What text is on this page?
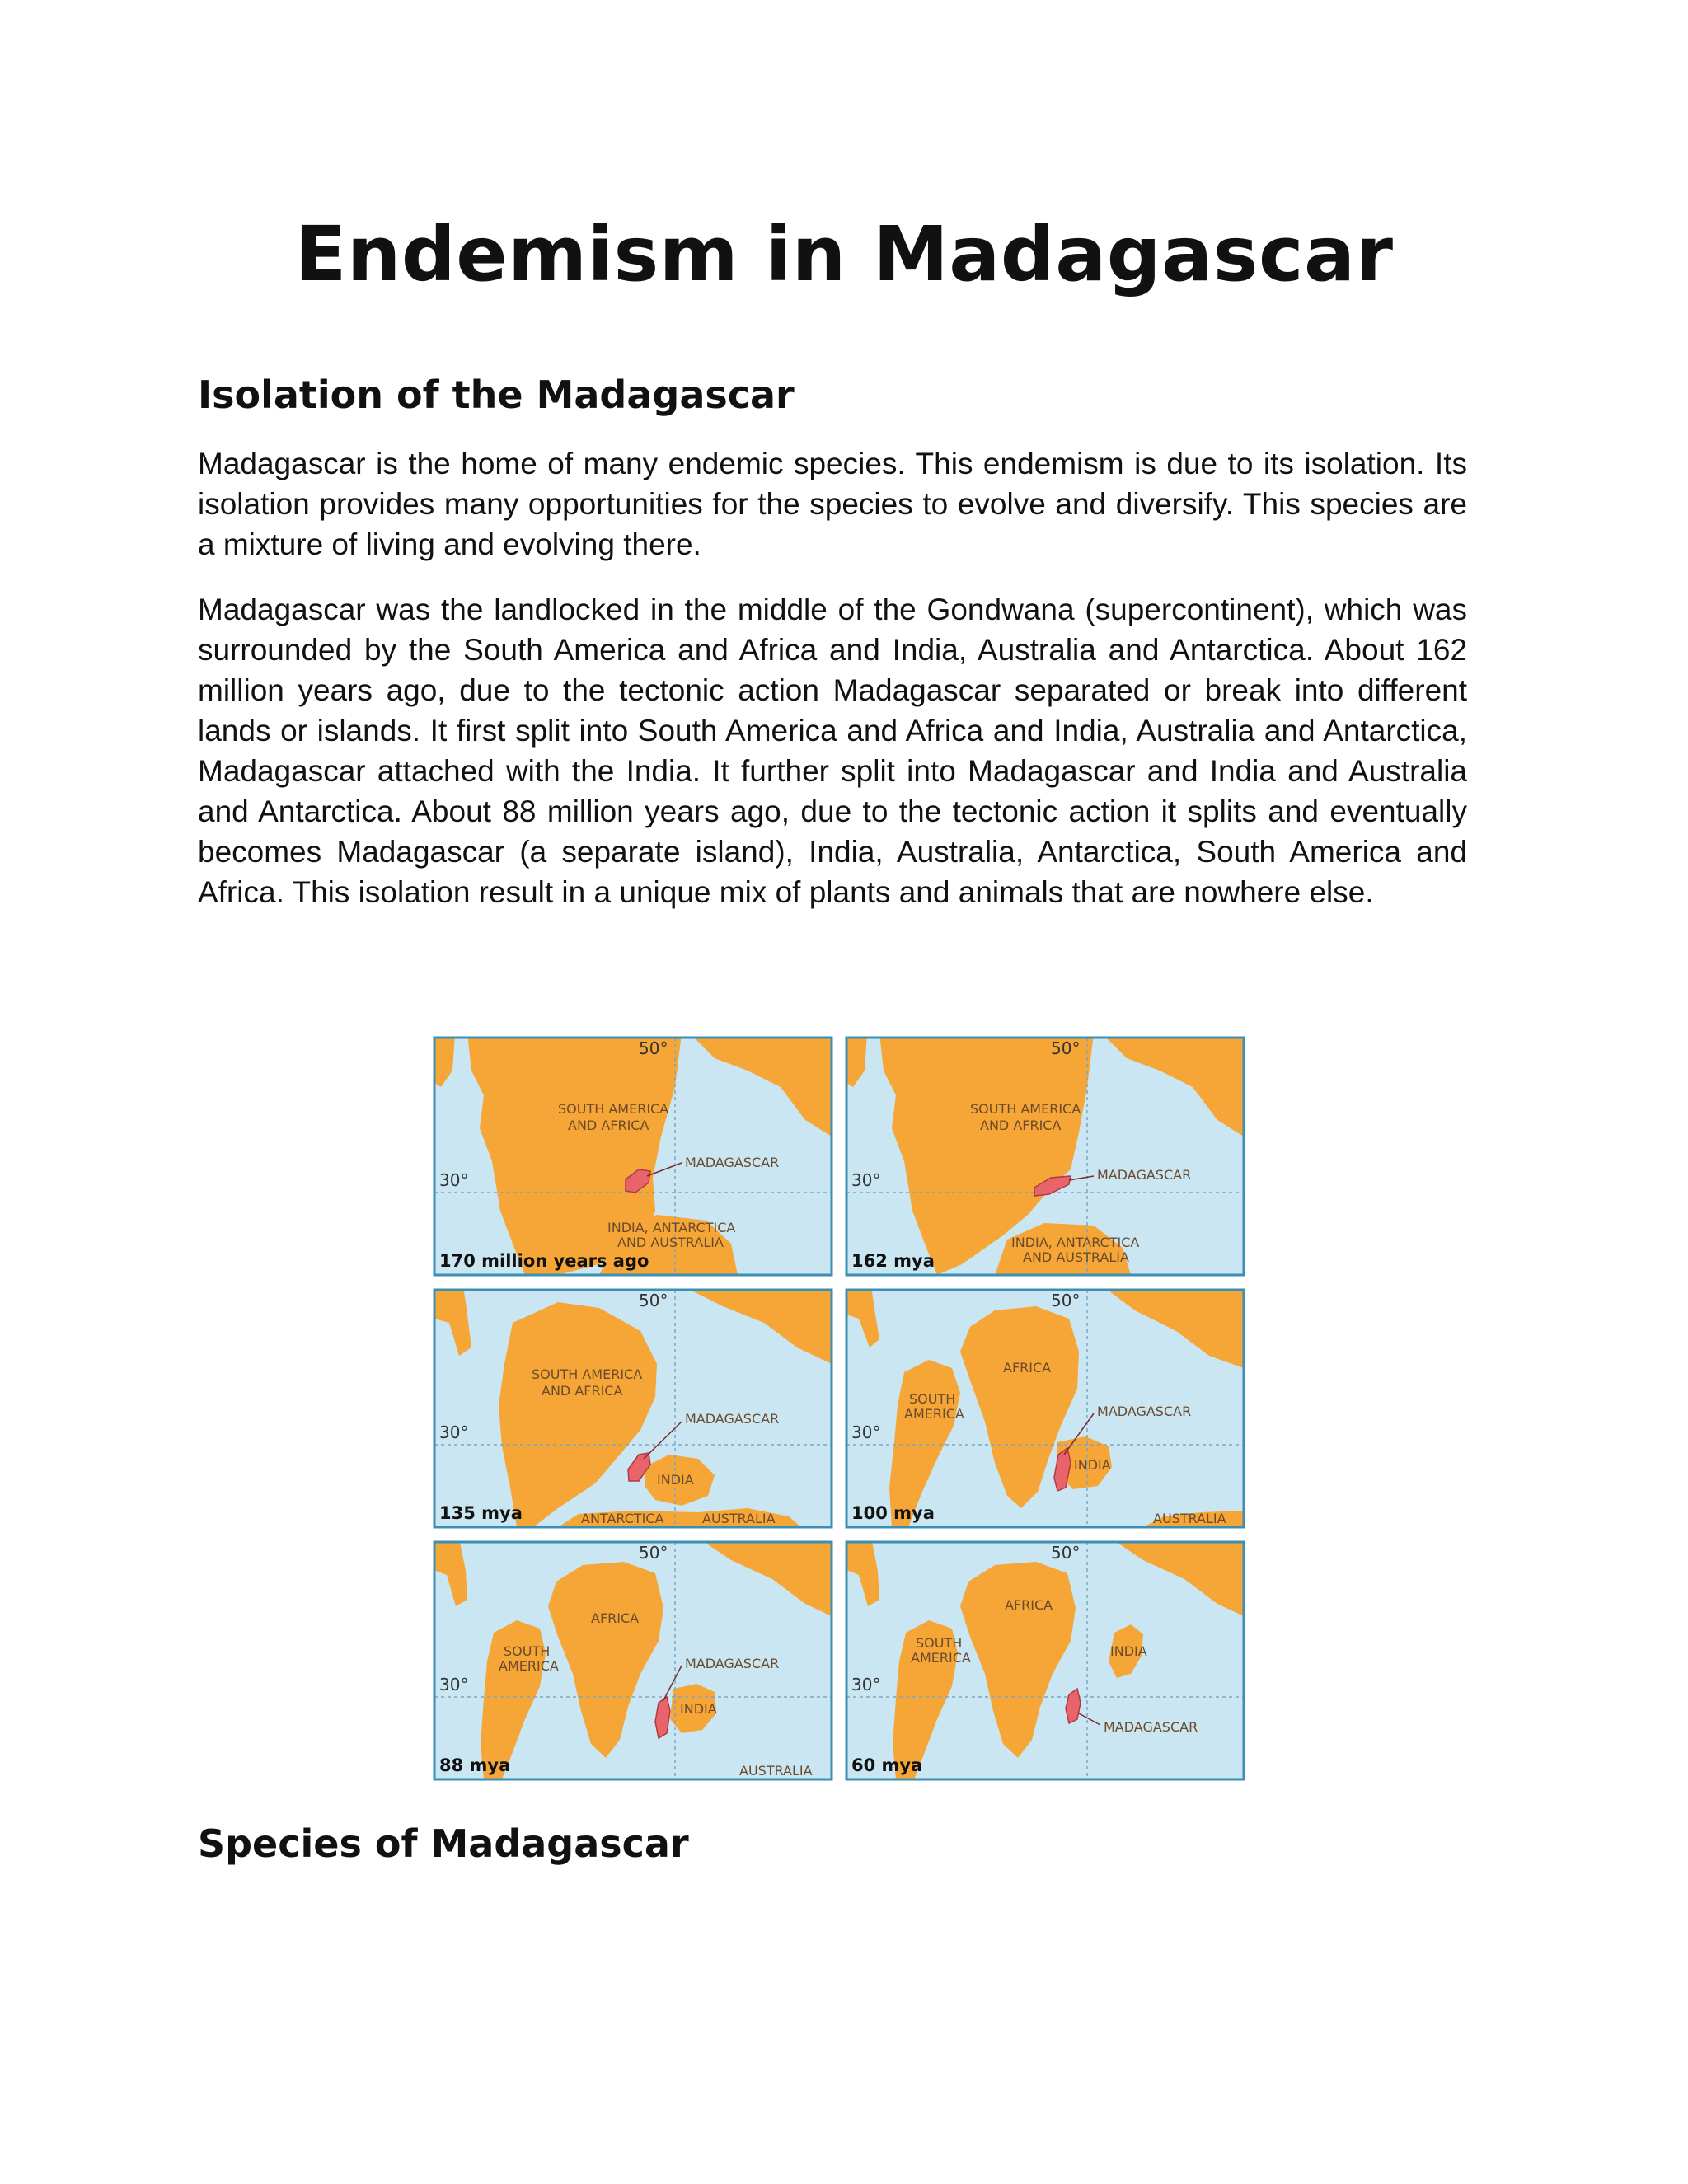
Endemism in Madagascar
Isolation of the Madagascar

Madagascar is the home of many endemic species. This endemism is due to its isolation. Its isolation provides many opportunities for the species to evolve and diversify. This species are a mixture of living and evolving there.

Madagascar was the landlocked in the middle of the Gondwana (supercontinent), which was surrounded by the South America and Africa and India, Australia and Antarctica. About 162 million years ago, due to the tectonic action Madagascar separated or break into different lands or islands. It first split into South America and Africa and India, Australia and Antarctica, Madagascar attached with the India. It further split into Madagascar and India and Australia and Antarctica. About 88 million years ago, due to the tectonic action it splits and eventually becomes Madagascar (a separate island), India, Australia, Antarctica, South America and Africa. This isolation result in a unique mix of plants and animals that are nowhere else.

SOUTH AMERICA
AND AFRICA
MADAGASCAR
INDIA, ANTARCTICA
AND AUSTRALIA
30°
50°
170 million years ago
SOUTH AMERICA
AND AFRICA
MADAGASCAR
INDIA, ANTARCTICA
AND AUSTRALIA
30°
50°
162 mya
SOUTH AMERICA
AND AFRICA
MADAGASCAR
INDIA
ANTARCTICA	AUSTRALIA
30°
50°
135 mya
AFRICA
SOUTH
AMERICA	MADAGASCAR
INDIA
AUSTRALIA
30°
50°
100 mya
AFRICA
SOUTH
AMERICA	MADAGASCAR
INDIA
AUSTRALIA
30°
50°
88 mya
AFRICA
SOUTH
AMERICA	INDIA
MADAGASCAR
30°
50°
60 mya
Species of Madagascar
